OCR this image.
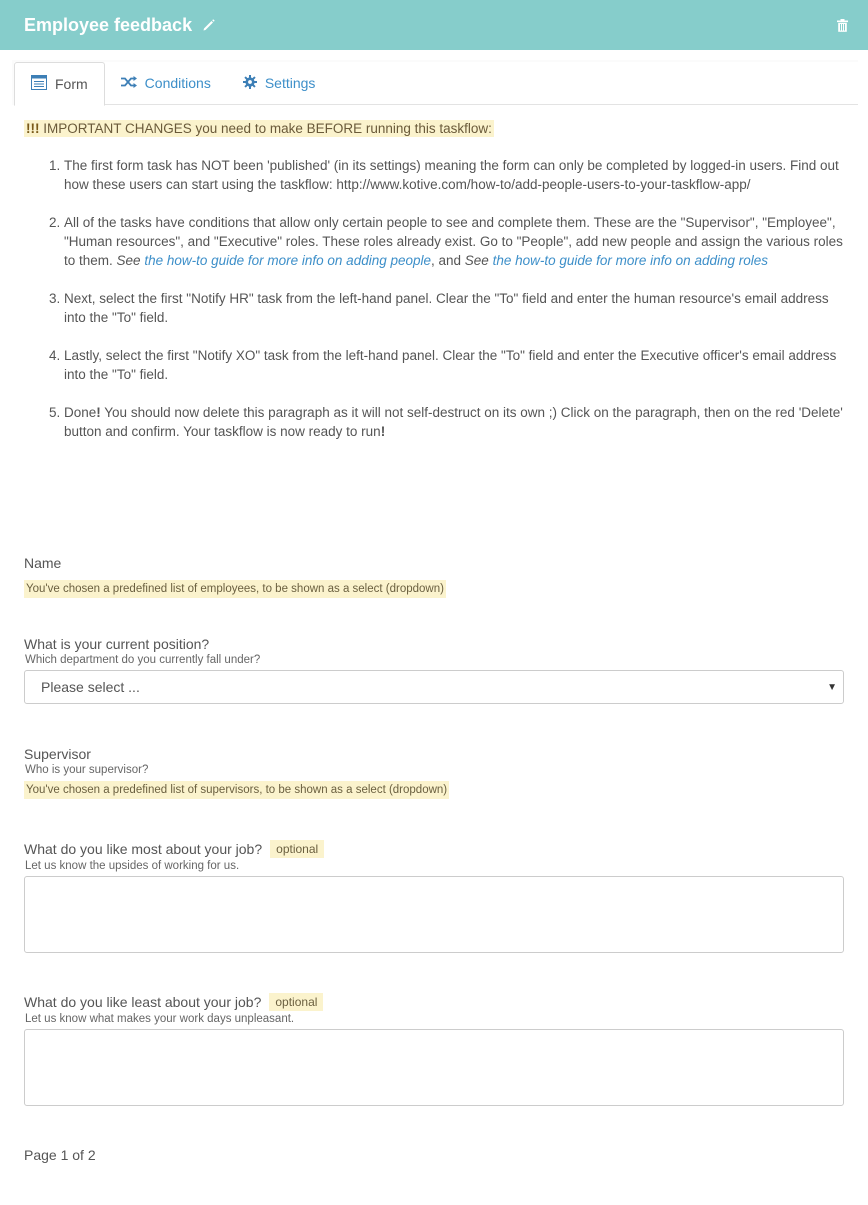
Employee feedback
Form	Conditions	Settings
!!! IMPORTANT CHANGES you need to make BEFORE running this taskflow:
1. The first form task has NOT been 'published' (in its settings) meaning the form can only be completed by logged-in users. Find out how these users can start using the taskflow: http://www.kotive.com/how-to/add-people-users-to-your-taskflow-app/
2. All of the tasks have conditions that allow only certain people to see and complete them. These are the "Supervisor", "Employee", "Human resources", and "Executive" roles. These roles already exist. Go to "People", add new people and assign the various roles to them. See the how-to guide for more info on adding people, and See the how-to guide for more info on adding roles
3. Next, select the first "Notify HR" task from the left-hand panel. Clear the "To" field and enter the human resource's email address into the "To" field.
4. Lastly, select the first "Notify XO" task from the left-hand panel. Clear the "To" field and enter the Executive officer's email address into the "To" field.
5. Done! You should now delete this paragraph as it will not self-destruct on its own ;) Click on the paragraph, then on the red 'Delete' button and confirm. Your taskflow is now ready to run!
Name
You've chosen a predefined list of employees, to be shown as a select (dropdown)
What is your current position?
Which department do you currently fall under?
Please select ...	▼
Supervisor
Who is your supervisor?
You've chosen a predefined list of supervisors, to be shown as a select (dropdown)
What do you like most about your job?	optional
Let us know the upsides of working for us.
What do you like least about your job?	optional
Let us know what makes your work days unpleasant.
Page 1 of 2
